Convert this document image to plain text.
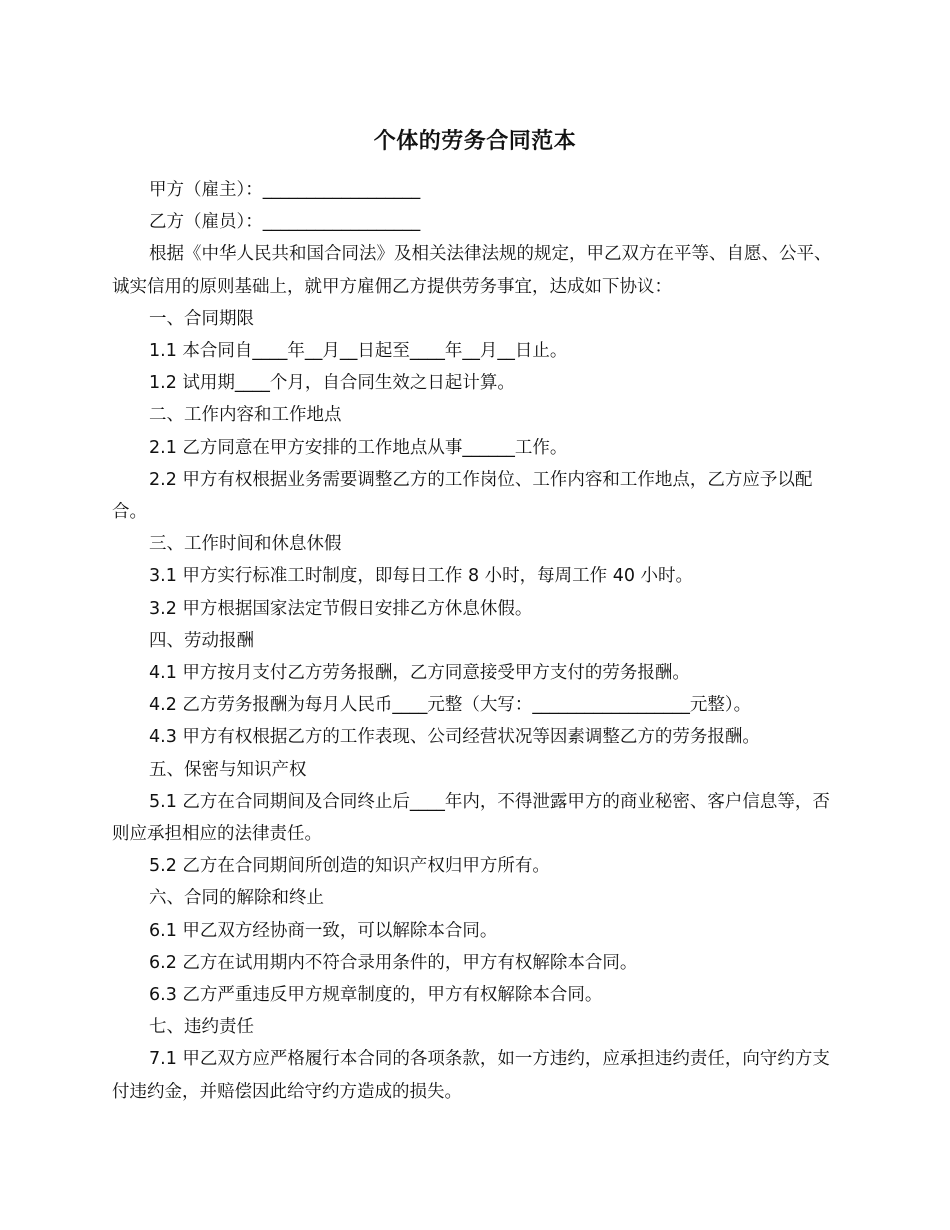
个体的劳务合同范本

甲方（雇主）：__________________

乙方（雇员）：__________________

根据《中华人民共和国合同法》及相关法律法规的规定，甲乙双方在平等、自愿、公平、诚实信用的原则基础上，就甲方雇佣乙方提供劳务事宜，达成如下协议：

一、合同期限

1.1 本合同自____年__月__日起至____年__月__日止。

1.2 试用期____个月，自合同生效之日起计算。

二、工作内容和工作地点

2.1 乙方同意在甲方安排的工作地点从事______工作。

2.2 甲方有权根据业务需要调整乙方的工作岗位、工作内容和工作地点，乙方应予以配合。

三、工作时间和休息休假

3.1 甲方实行标准工时制度，即每日工作 8 小时，每周工作 40 小时。

3.2 甲方根据国家法定节假日安排乙方休息休假。

四、劳动报酬

4.1 甲方按月支付乙方劳务报酬，乙方同意接受甲方支付的劳务报酬。

4.2 乙方劳务报酬为每月人民币____元整（大写：__________________元整）。

4.3 甲方有权根据乙方的工作表现、公司经营状况等因素调整乙方的劳务报酬。

五、保密与知识产权

5.1 乙方在合同期间及合同终止后____年内，不得泄露甲方的商业秘密、客户信息等，否则应承担相应的法律责任。

5.2 乙方在合同期间所创造的知识产权归甲方所有。

六、合同的解除和终止

6.1 甲乙双方经协商一致，可以解除本合同。

6.2 乙方在试用期内不符合录用条件的，甲方有权解除本合同。

6.3 乙方严重违反甲方规章制度的，甲方有权解除本合同。

七、违约责任

7.1 甲乙双方应严格履行本合同的各项条款，如一方违约，应承担违约责任，向守约方支付违约金，并赔偿因此给守约方造成的损失。
